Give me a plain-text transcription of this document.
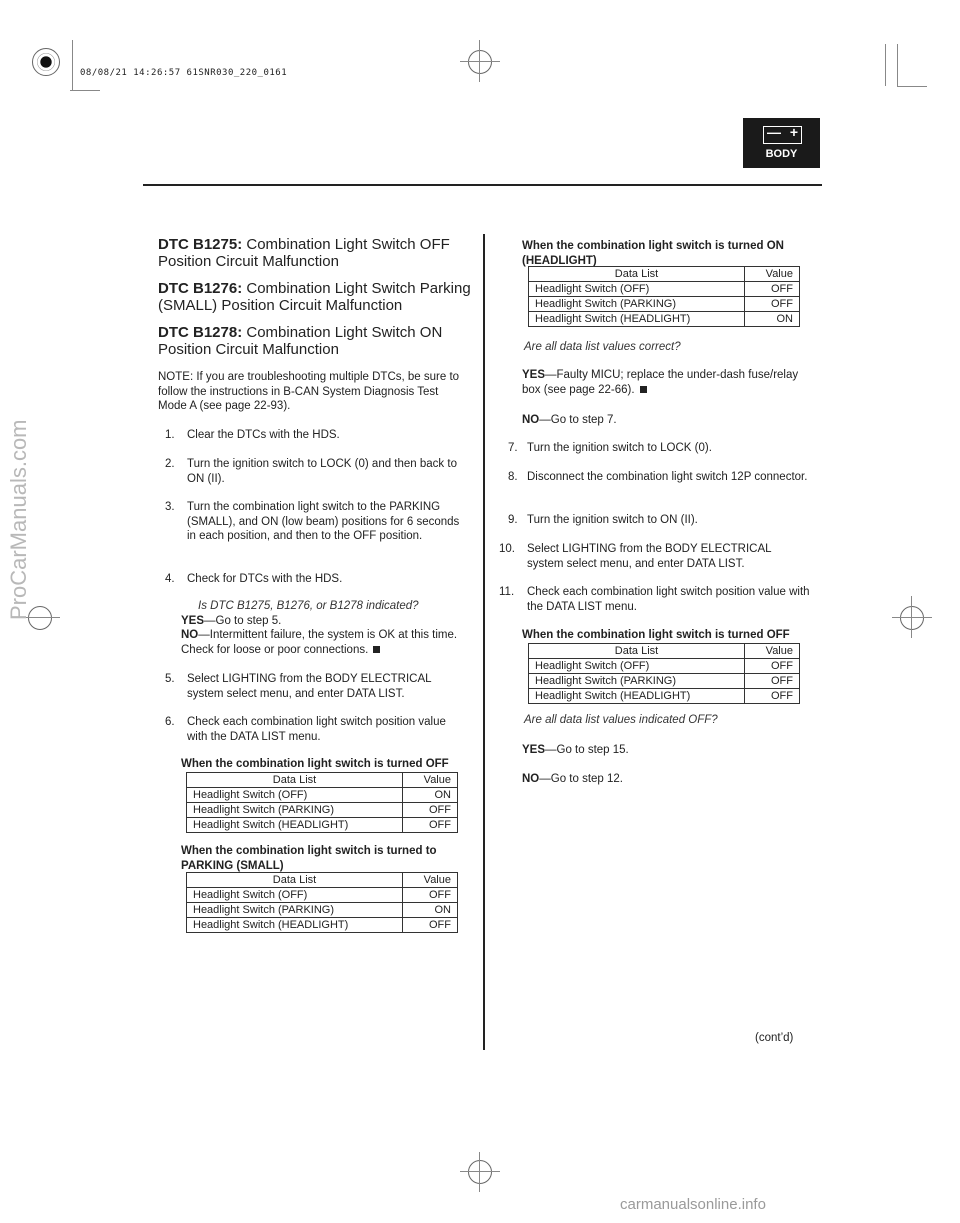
08/08/21 14:26:57 61SNR030_220_0161
ProCarManuals.com
carmanualsonline.info
— +
BODY
DTC B1275: Combination Light Switch OFF Position Circuit Malfunction
DTC B1276: Combination Light Switch Parking (SMALL) Position Circuit Malfunction
DTC B1278: Combination Light Switch ON Position Circuit Malfunction
NOTE: If you are troubleshooting multiple DTCs, be sure to follow the instructions in B-CAN System Diagnosis Test Mode A (see page 22-93).
1. Clear the DTCs with the HDS.
2. Turn the ignition switch to LOCK (0) and then back to ON (II).
3. Turn the combination light switch to the PARKING (SMALL), and ON (low beam) positions for 6 seconds in each position, and then to the OFF position.
4. Check for DTCs with the HDS.
Is DTC B1275, B1276, or B1278 indicated?
YES — Go to step 5.
NO — Intermittent failure, the system is OK at this time. Check for loose or poor connections.
5. Select LIGHTING from the BODY ELECTRICAL system select menu, and enter DATA LIST.
6. Check each combination light switch position value with the DATA LIST menu.
When the combination light switch is turned OFF
Data List	Value
Headlight Switch (OFF)	ON
Headlight Switch (PARKING)	OFF
Headlight Switch (HEADLIGHT)	OFF
When the combination light switch is turned to PARKING (SMALL)
Data List	Value
Headlight Switch (OFF)	OFF
Headlight Switch (PARKING)	ON
Headlight Switch (HEADLIGHT)	OFF
When the combination light switch is turned ON (HEADLIGHT)
Data List	Value
Headlight Switch (OFF)	OFF
Headlight Switch (PARKING)	OFF
Headlight Switch (HEADLIGHT)	ON
Are all data list values correct?
YES — Faulty MICU; replace the under-dash fuse/relay box (see page 22-66).
NO — Go to step 7.
7. Turn the ignition switch to LOCK (0).
8. Disconnect the combination light switch 12P connector.
9. Turn the ignition switch to ON (II).
10. Select LIGHTING from the BODY ELECTRICAL system select menu, and enter DATA LIST.
11. Check each combination light switch position value with the DATA LIST menu.
When the combination light switch is turned OFF
Data List	Value
Headlight Switch (OFF)	OFF
Headlight Switch (PARKING)	OFF
Headlight Switch (HEADLIGHT)	OFF
Are all data list values indicated OFF?
YES — Go to step 15.
NO — Go to step 12.
(cont’d)
